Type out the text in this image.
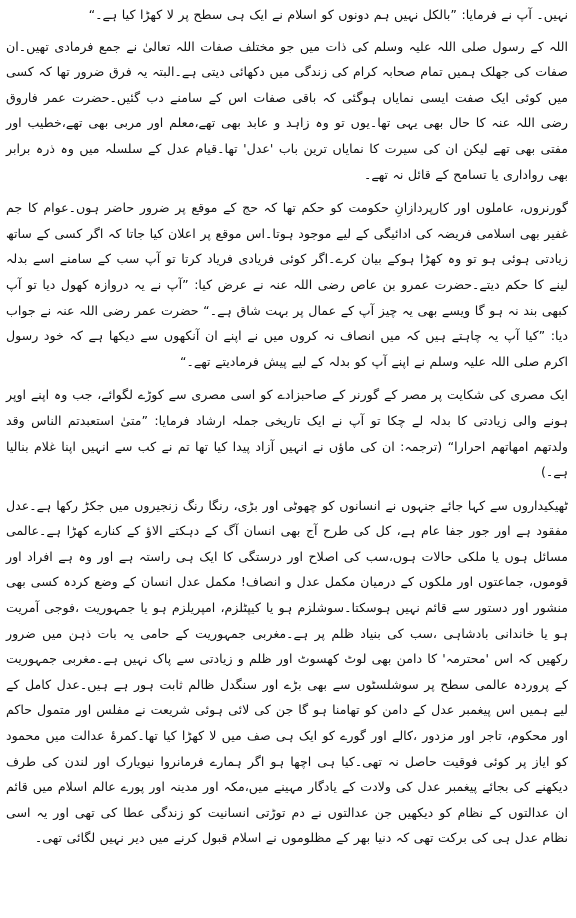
نہیں۔ آپ نے فرمایا: ”بالکل نہیں ہم دونوں کو اسلام نے ایک ہی سطح پر لا کھڑا کیا ہے۔“

اللہ کے رسول صلی اللہ علیہ وسلم کی ذات میں جو مختلف صفات اللہ تعالیٰ نے جمع فرمادی تھیں۔ان صفات کی جھلک ہمیں تمام صحابہ کرام کی زندگی میں دکھائی دیتی ہے۔البتہ یہ فرق ضرور تھا کہ کسی میں کوئی ایک صفت ایسی نمایاں ہوگئی کہ باقی صفات اس کے سامنے دب گئیں۔حضرت عمر فاروق رضی اللہ عنہ کا حال بھی یہی تھا۔یوں تو وہ زاہد و عابد بھی تھے،معلم اور مربی بھی تھے،خطیب اور مفتی بھی تھے لیکن ان کی سیرت کا نمایاں ترین باب 'عدل' تھا۔قیام عدل کے سلسلہ میں وہ ذرہ برابر بھی رواداری یا تسامح کے قائل نہ تھے۔

گورنروں، عاملوں اور کارپردازانِ حکومت کو حکم تھا کہ حج کے موقع پر ضرور حاضر ہوں۔عوام کا جم غفیر بھی اسلامی فریضہ کی ادائیگی کے لیے موجود ہوتا۔اس موقع پر اعلان کیا جاتا کہ اگر کسی کے ساتھ زیادتی ہوئی ہو تو وہ کھڑا ہوکے بیان کرے۔اگر کوئی فریادی فریاد کرتا تو آپ سب کے سامنے اسے بدلہ لینے کا حکم دیتے۔حضرت عمرو بن عاص رضی اللہ عنہ نے عرض کیا: ”آپ نے یہ دروازہ کھول دیا تو آپ کبھی بند نہ ہو گا ویسے بھی یہ چیز آپ کے عمال پر بہت شاق ہے۔“ حضرت عمر رضی اللہ عنہ نے جواب دیا: ”کیا آپ یہ چاہتے ہیں کہ میں انصاف نہ کروں میں نے اپنے ان آنکھوں سے دیکھا ہے کہ خود رسول اکرم صلی اللہ علیہ وسلم نے اپنے آپ کو بدلہ کے لیے پیش فرمادیتے تھے۔“

ایک مصری کی شکایت پر مصر کے گورنر کے صاحبزادے کو اسی مصری سے کوڑے لگوائے، جب وہ اپنے اوپر ہونے والی زیادتی کا بدلہ لے چکا تو آپ نے ایک تاریخی جملہ ارشاد فرمایا: ”متیٰ استعبدتم الناس وقد ولدتهم امهاتهم احرارا“ (ترجمہ: ان کی ماؤں نے انہیں آزاد پیدا کیا تھا تم نے کب سے انہیں اپنا غلام بنالیا ہے۔)

ٹھیکیداروں سے کہا جائے جنہوں نے انسانوں کو چھوٹی اور بڑی، رنگا رنگ زنجیروں میں جکڑ رکھا ہے۔عدل مفقود ہے اور جور جفا عام ہے، کل کی طرح آج بھی انسان آگ کے دہکتے الاؤ کے کنارے کھڑا ہے۔عالمی مسائل ہوں یا ملکی حالات ہوں،سب کی اصلاح اور درستگی کا ایک ہی راستہ ہے اور وہ ہے افراد اور قوموں، جماعتوں اور ملکوں کے درمیان مکمل عدل و انصاف! مکمل عدل انسان کے وضع کردہ کسی بھی منشور اور دستور سے قائم نہیں ہوسکتا۔سوشلزم ہو یا کیپٹلزم، امپریلزم ہو یا جمہوریت ،فوجی آمریت ہو یا خاندانی بادشاہی ،سب کی بنیاد ظلم پر ہے۔مغربی جمہوریت کے حامی یہ بات ذہن میں ضرور رکھیں کہ اس 'محترمہ' کا دامن بھی لوٹ کھسوٹ اور ظلم و زیادتی سے پاک نہیں ہے۔مغربی جمہوریت کے پروردہ عالمی سطح پر سوشلسٹوں سے بھی بڑے اور سنگدل ظالم ثابت ہور ہے ہیں۔عدل کامل کے لیے ہمیں اس پیغمبر عدل کے دامن کو تھامنا ہو گا جن کی لائی ہوئی شریعت نے مفلس اور متمول حاکم اور محکوم، تاجر اور مزدور ،کالے اور گورے کو ایک ہی صف میں لا کھڑا کیا تھا۔کمرۂ عدالت میں محمود کو ایاز پر کوئی فوقیت حاصل نہ تھی۔کیا ہی اچھا ہو اگر ہمارے فرمانروا نیویارک اور لندن کی طرف دیکھنے کی بجائے پیغمبر عدل کی ولادت کے یادگار مہینے میں،مکہ اور مدینہ اور پورے عالم اسلام میں قائم ان عدالتوں کے نظام کو دیکھیں جن عدالتوں نے دم توڑتی انسانیت کو زندگی عطا کی تھی اور یہ اسی نظام عدل ہی کی برکت تھی کہ دنیا بھر کے مظلوموں نے اسلام قبول کرنے میں دیر نہیں لگائی تھی۔
